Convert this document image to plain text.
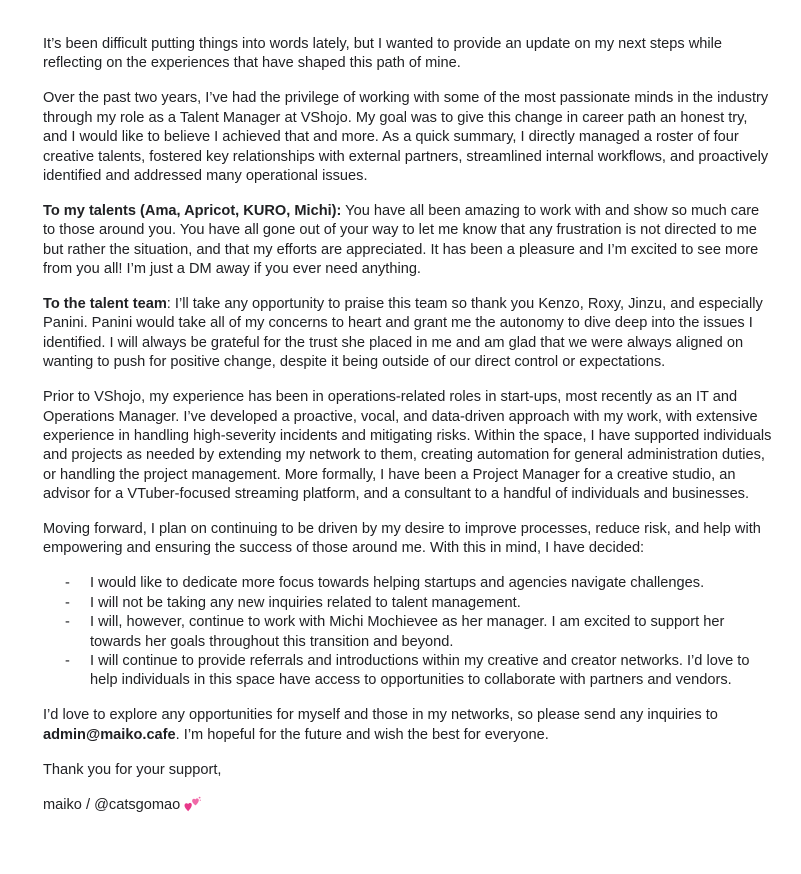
It’s been difficult putting things into words lately, but I wanted to provide an update on my next steps while reflecting on the experiences that have shaped this path of mine.

Over the past two years, I’ve had the privilege of working with some of the most passionate minds in the industry through my role as a Talent Manager at VShojo. My goal was to give this change in career path an honest try, and I would like to believe I achieved that and more. As a quick summary, I directly managed a roster of four creative talents, fostered key relationships with external partners, streamlined internal workflows, and proactively identified and addressed many operational issues.

To my talents (Ama, Apricot, KURO, Michi): You have all been amazing to work with and show so much care to those around you. You have all gone out of your way to let me know that any frustration is not directed to me but rather the situation, and that my efforts are appreciated. It has been a pleasure and I’m excited to see more from you all! I’m just a DM away if you ever need anything.

To the talent team: I’ll take any opportunity to praise this team so thank you Kenzo, Roxy, Jinzu, and especially Panini. Panini would take all of my concerns to heart and grant me the autonomy to dive deep into the issues I identified. I will always be grateful for the trust she placed in me and am glad that we were always aligned on wanting to push for positive change, despite it being outside of our direct control or expectations.

Prior to VShojo, my experience has been in operations-related roles in start-ups, most recently as an IT and Operations Manager. I’ve developed a proactive, vocal, and data-driven approach with my work, with extensive experience in handling high-severity incidents and mitigating risks. Within the space, I have supported individuals and projects as needed by extending my network to them, creating automation for general administration duties, or handling the project management. More formally, I have been a Project Manager for a creative studio, an advisor for a VTuber-focused streaming platform, and a consultant to a handful of individuals and businesses.

Moving forward, I plan on continuing to be driven by my desire to improve processes, reduce risk, and help with empowering and ensuring the success of those around me. With this in mind, I have decided:

- I would like to dedicate more focus towards helping startups and agencies navigate challenges.
- I will not be taking any new inquiries related to talent management.
- I will, however, continue to work with Michi Mochievee as her manager. I am excited to support her towards her goals throughout this transition and beyond.
- I will continue to provide referrals and introductions within my creative and creator networks. I’d love to help individuals in this space have access to opportunities to collaborate with partners and vendors.

I’d love to explore any opportunities for myself and those in my networks, so please send any inquiries to admin@maiko.cafe. I’m hopeful for the future and wish the best for everyone.

Thank you for your support,

maiko / @catsgomao
